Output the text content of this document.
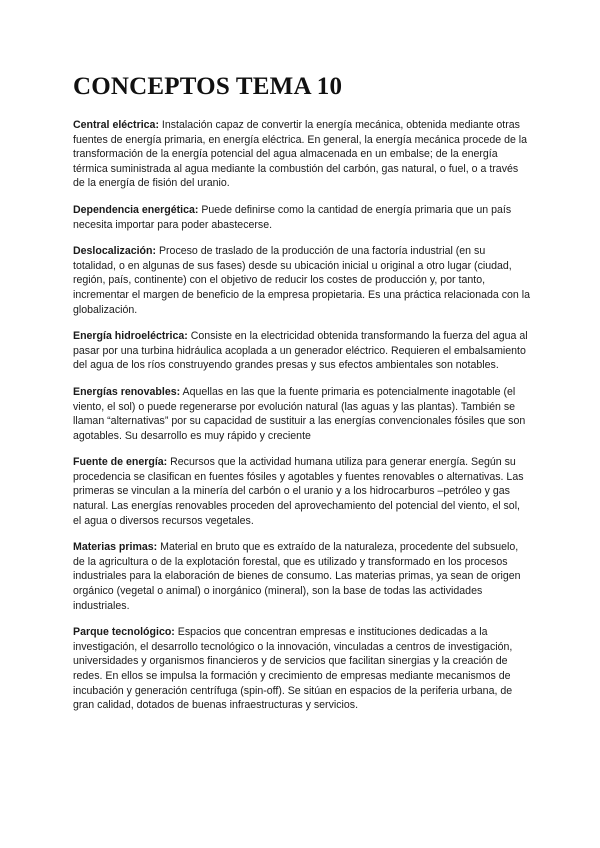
CONCEPTOS TEMA 10

Central eléctrica: Instalación capaz de convertir la energía mecánica, obtenida mediante otras fuentes de energía primaria, en energía eléctrica. En general, la energía mecánica procede de la transformación de la energía potencial del agua almacenada en un embalse; de la energía térmica suministrada al agua mediante la combustión del carbón, gas natural, o fuel, o a través de la energía de fisión del uranio.

Dependencia energética: Puede definirse como la cantidad de energía primaria que un país necesita importar para poder abastecerse.

Deslocalización: Proceso de traslado de la producción de una factoría industrial (en su totalidad, o en algunas de sus fases) desde su ubicación inicial u original a otro lugar (ciudad, región, país, continente) con el objetivo de reducir los costes de producción y, por tanto, incrementar el margen de beneficio de la empresa propietaria. Es una práctica relacionada con la globalización.

Energía hidroeléctrica: Consiste en la electricidad obtenida transformando la fuerza del agua al pasar por una turbina hidráulica acoplada a un generador eléctrico. Requieren el embalsamiento del agua de los ríos construyendo grandes presas y sus efectos ambientales son notables.

Energías renovables: Aquellas en las que la fuente primaria es potencialmente inagotable (el viento, el sol) o puede regenerarse por evolución natural (las aguas y las plantas). También se llaman “alternativas” por su capacidad de sustituir a las energías convencionales fósiles que son agotables. Su desarrollo es muy rápido y creciente

Fuente de energía: Recursos que la actividad humana utiliza para generar energía. Según su procedencia se clasifican en fuentes fósiles y agotables y fuentes renovables o alternativas. Las primeras se vinculan a la minería del carbón o el uranio y a los hidrocarburos –petróleo y gas natural. Las energías renovables proceden del aprovechamiento del potencial del viento, el sol, el agua o diversos recursos vegetales.

Materias primas: Material en bruto que es extraído de la naturaleza, procedente del subsuelo, de la agricultura o de la explotación forestal, que es utilizado y transformado en los procesos industriales para la elaboración de bienes de consumo. Las materias primas, ya sean de origen orgánico (vegetal o animal) o inorgánico (mineral), son la base de todas las actividades industriales.

Parque tecnológico: Espacios que concentran empresas e instituciones dedicadas a la investigación, el desarrollo tecnológico o la innovación, vinculadas a centros de investigación, universidades y organismos financieros y de servicios que facilitan sinergias y la creación de redes. En ellos se impulsa la formación y crecimiento de empresas mediante mecanismos de incubación y generación centrífuga (spin-off). Se sitúan en espacios de la periferia urbana, de gran calidad, dotados de buenas infraestructuras y servicios.
